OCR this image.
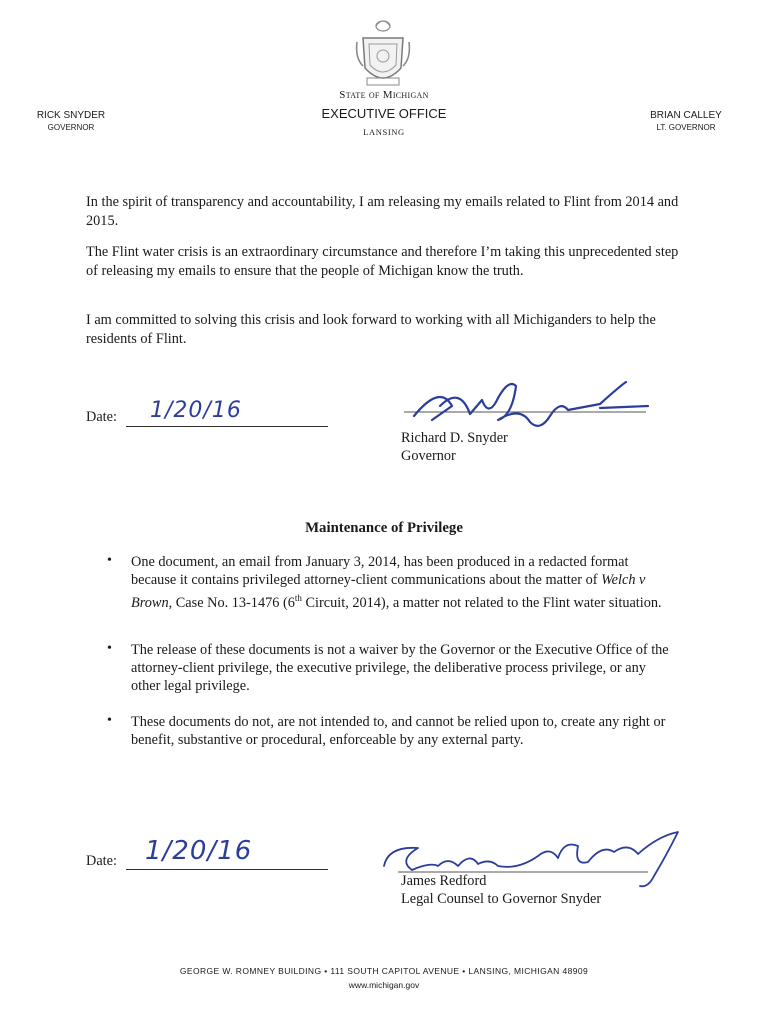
State of Michigan
EXECUTIVE OFFICE
LANSING
RICK SNYDER
GOVERNOR
BRIAN CALLEY
LT. GOVERNOR

In the spirit of transparency and accountability, I am releasing my emails related to Flint from 2014 and 2015.

The Flint water crisis is an extraordinary circumstance and therefore I’m taking this unprecedented step of releasing my emails to ensure that the people of Michigan know the truth.

I am committed to solving this crisis and look forward to working with all Michiganders to help the residents of Flint.

Date: 1/20/16
Richard D. Snyder
Governor
Maintenance of Privilege
• One document, an email from January 3, 2014, has been produced in a redacted format because it contains privileged attorney-client communications about the matter of Welch v Brown, Case No. 13-1476 (6th Circuit, 2014), a matter not related to the Flint water situation.
• The release of these documents is not a waiver by the Governor or the Executive Office of the attorney-client privilege, the executive privilege, the deliberative process privilege, or any other legal privilege.
• These documents do not, are not intended to, and cannot be relied upon to, create any right or benefit, substantive or procedural, enforceable by any external party.
Date: 1/20/16
James Redford
Legal Counsel to Governor Snyder
GEORGE W. ROMNEY BUILDING • 111 SOUTH CAPITOL AVENUE • LANSING, MICHIGAN 48909
www.michigan.gov
